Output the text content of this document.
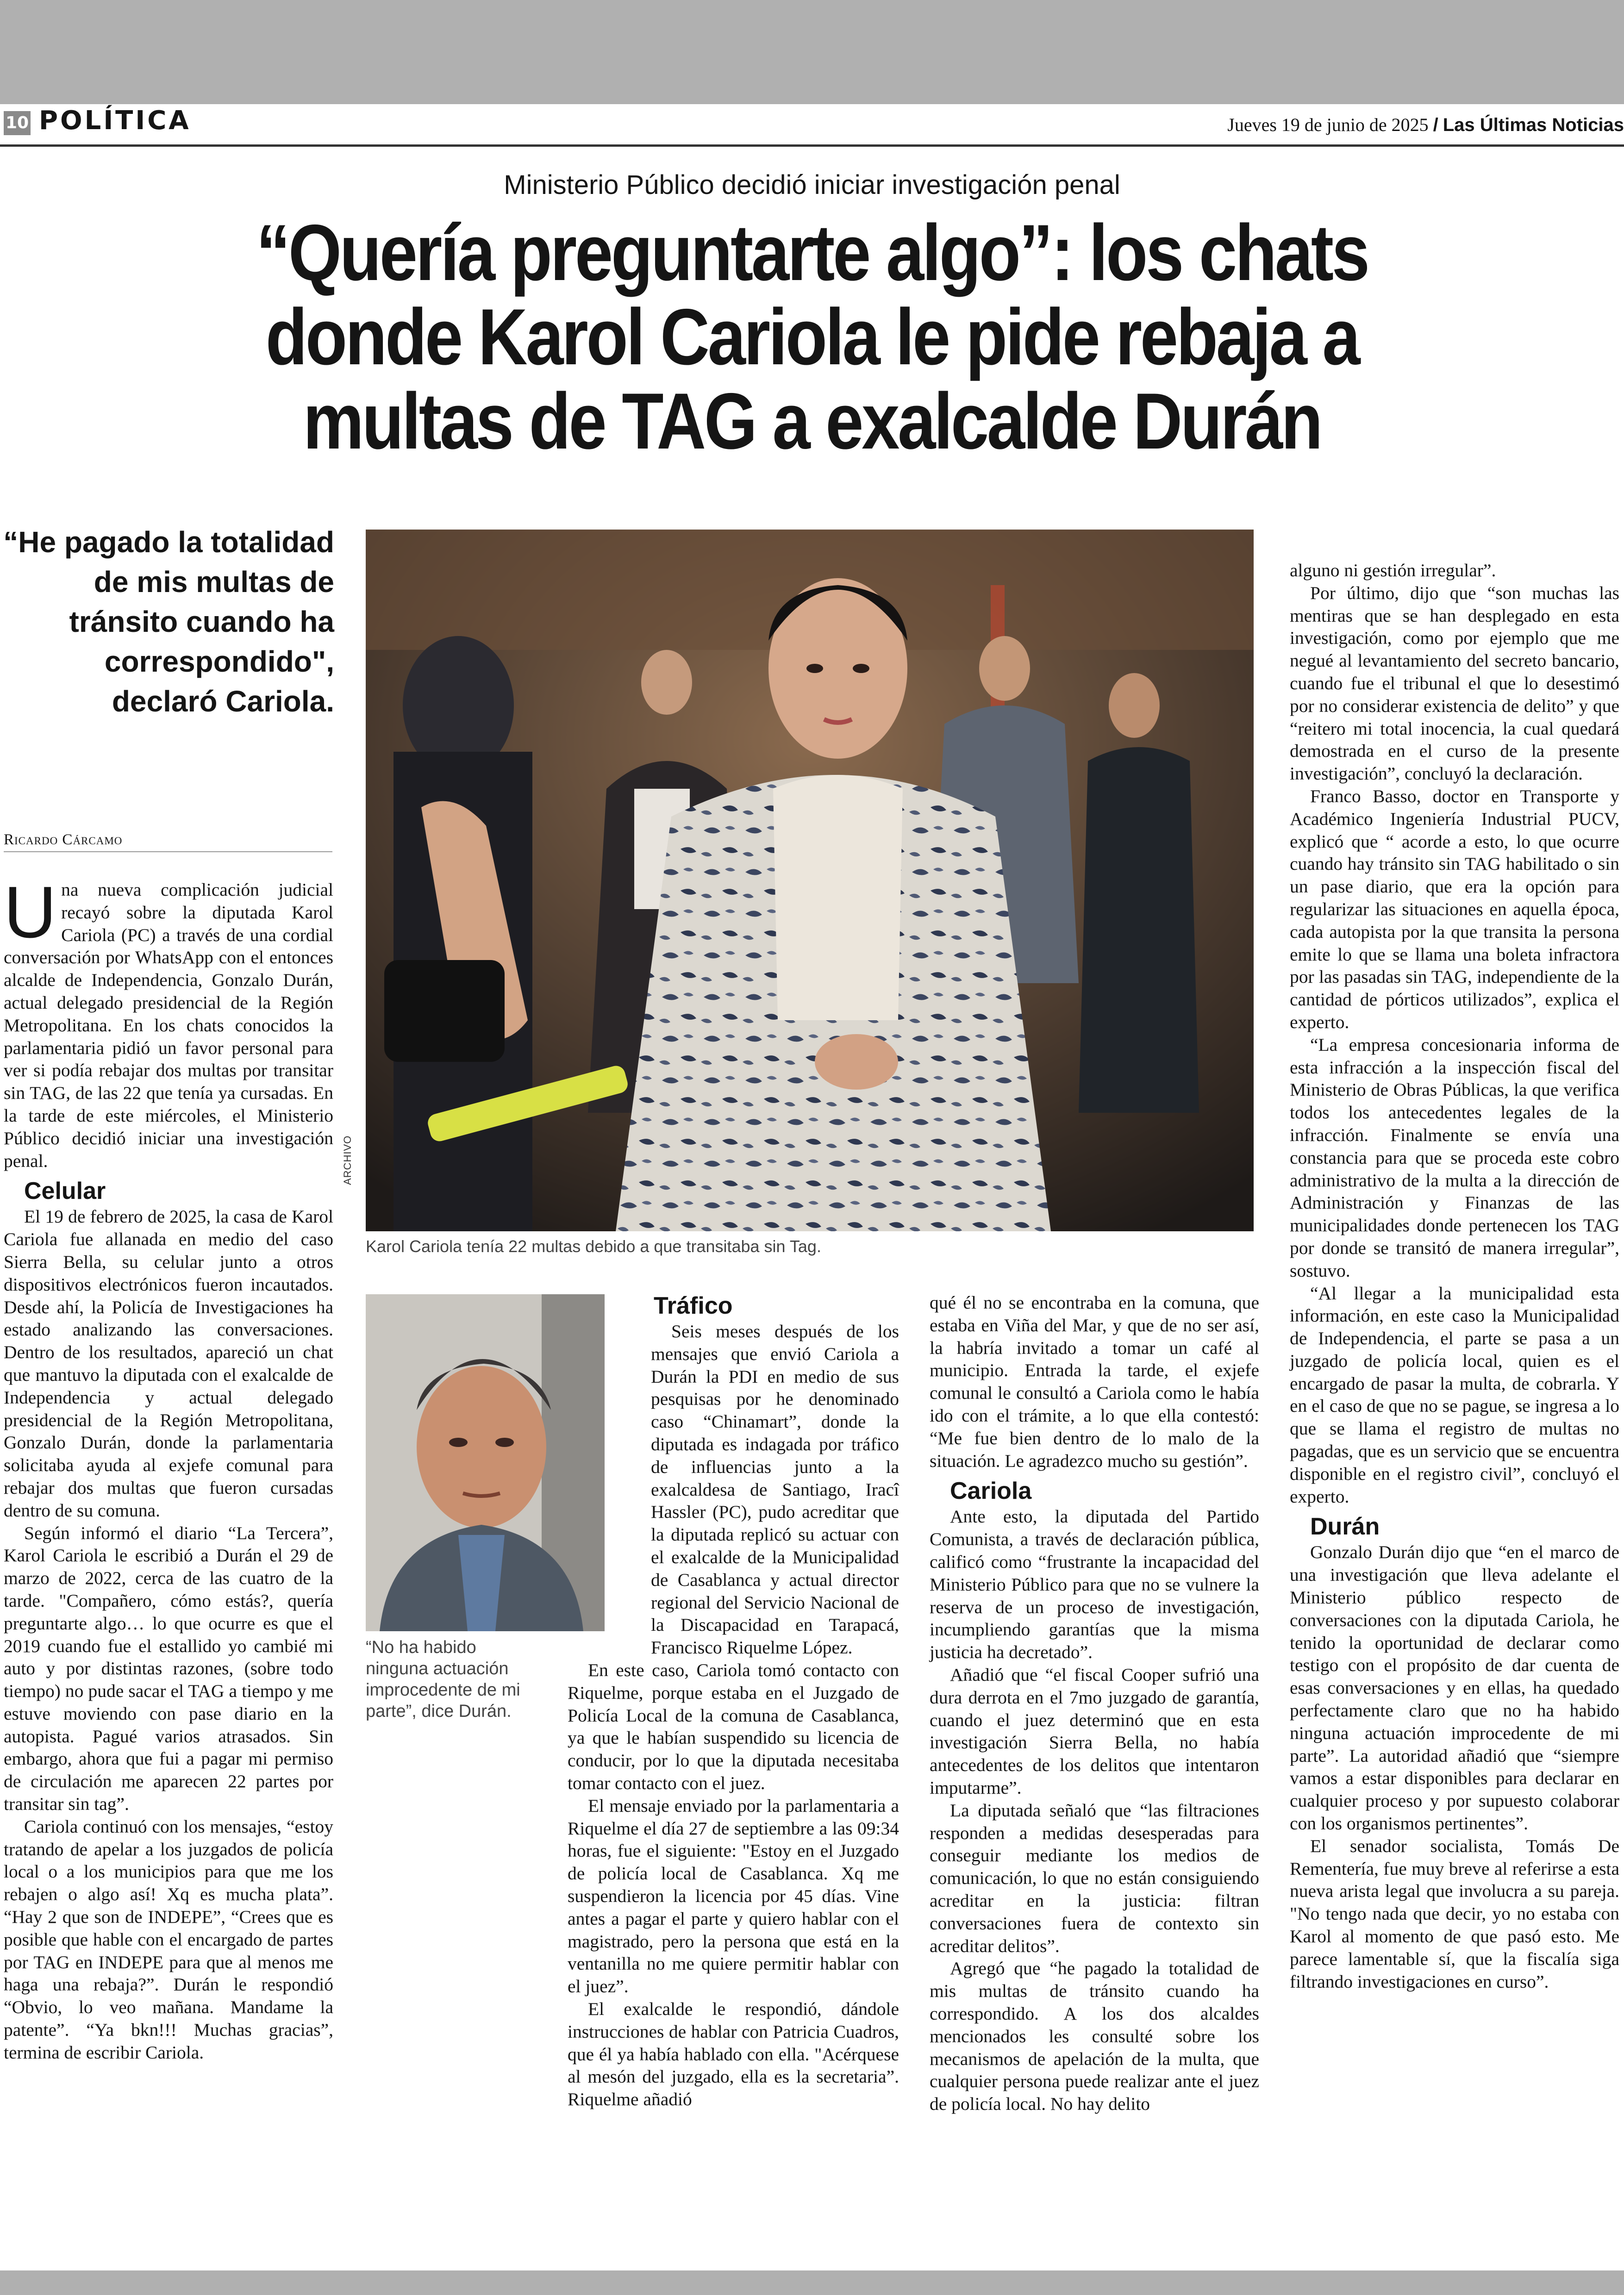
10 POLÍTICA	Jueves 19 de junio de 2025 / Las Últimas Noticias
Ministerio Público decidió iniciar investigación penal
“Quería preguntarte algo”: los chats donde Karol Cariola le pide rebaja a multas de TAG a exalcalde Durán
“He pagado la totalidad de mis multas de tránsito cuando ha correspondido", declaró Cariola.
Ricardo Cárcamo

Una nueva complicación judicial recayó sobre la diputada Karol Cariola (PC) a través de una cordial conversación por WhatsApp con el entonces alcalde de Independencia, Gonzalo Durán, actual delegado presidencial de la Región Metropolitana. En los chats conocidos la parlamentaria pidió un favor personal para ver si podía rebajar dos multas por transitar sin TAG, de las 22 que tenía ya cursadas. En la tarde de este miércoles, el Ministerio Público decidió iniciar una investigación penal.

Celular

El 19 de febrero de 2025, la casa de Karol Cariola fue allanada en medio del caso Sierra Bella, su celular junto a otros dispositivos electrónicos fueron incautados. Desde ahí, la Policía de Investigaciones ha estado analizando las conversaciones. Dentro de los resultados, apareció un chat que mantuvo la diputada con el exalcalde de Independencia y actual delegado presidencial de la Región Metropolitana, Gonzalo Durán, donde la parlamentaria solicitaba ayuda al exjefe comunal para rebajar dos multas que fueron cursadas dentro de su comuna.

Según informó el diario “La Tercera”, Karol Cariola le escribió a Durán el 29 de marzo de 2022, cerca de las cuatro de la tarde. "Compañero, cómo estás?, quería preguntarte algo… lo que ocurre es que el 2019 cuando fue el estallido yo cambié mi auto y por distintas razones, (sobre todo tiempo) no pude sacar el TAG a tiempo y me estuve moviendo con pase diario en la autopista. Pagué varios atrasados. Sin embargo, ahora que fui a pagar mi permiso de circulación me aparecen 22 partes por transitar sin tag”.

Cariola continuó con los mensajes, “estoy tratando de apelar a los juzgados de policía local o a los municipios para que me los rebajen o algo así! Xq es mucha plata”. “Hay 2 que son de INDEPE”, “Crees que es posible que hable con el encargado de partes por TAG en INDEPE para que al menos me haga una rebaja?”. Durán le respondió “Obvio, lo veo mañana. Mandame la patente”. “Ya bkn!!! Muchas gracias”, termina de escribir Cariola.

ARCHIVO
Karol Cariola tenía 22 multas debido a que transitaba sin Tag.
“No ha habido ninguna actuación improcedente de mi parte”, dice Durán.
Tráfico

Seis meses después de los mensajes que envió Cariola a Durán la PDI en medio de sus pesquisas por he denominado caso “Chinamart”, donde la diputada es indagada por tráfico de influencias junto a la exalcaldesa de Santiago, Iracî Hassler (PC), pudo acreditar que la diputada replicó su actuar con el exalcalde de la Municipalidad de Casablanca y actual director regional del Servicio Nacional de la Discapacidad en Tarapacá, Francisco Riquelme López.

En este caso, Cariola tomó contacto con Riquelme, porque estaba en el Juzgado de Policía Local de la comuna de Casablanca, ya que le habían suspendido su licencia de conducir, por lo que la diputada necesitaba tomar contacto con el juez.

El mensaje enviado por la parlamentaria a Riquelme el día 27 de septiembre a las 09:34 horas, fue el siguiente: "Estoy en el Juzgado de policía local de Casablanca. Xq me suspendieron la licencia por 45 días. Vine antes a pagar el parte y quiero hablar con el magistrado, pero la persona que está en la ventanilla no me quiere permitir hablar con el juez”.

El exalcalde le respondió, dándole instrucciones de hablar con Patricia Cuadros, que él ya había hablado con ella. "Acérquese al mesón del juzgado, ella es la secretaria”. Riquelme añadió

qué él no se encontraba en la comuna, que estaba en Viña del Mar, y que de no ser así, la habría invitado a tomar un café al municipio. Entrada la tarde, el exjefe comunal le consultó a Cariola como le había ido con el trámite, a lo que ella contestó: “Me fue bien dentro de lo malo de la situación. Le agradezco mucho su gestión”.

Cariola

Ante esto, la diputada del Partido Comunista, a través de declaración pública, calificó como “frustrante la incapacidad del Ministerio Público para que no se vulnere la reserva de un proceso de investigación, incumpliendo garantías que la misma justicia ha decretado”.

Añadió que “el fiscal Cooper sufrió una dura derrota en el 7mo juzgado de garantía, cuando el juez determinó que en esta investigación Sierra Bella, no había antecedentes de los delitos que intentaron imputarme”.

La diputada señaló que “las filtraciones responden a medidas desesperadas para conseguir mediante los medios de comunicación, lo que no están consiguiendo acreditar en la justicia: filtran conversaciones fuera de contexto sin acreditar delitos”.

Agregó que “he pagado la totalidad de mis multas de tránsito cuando ha correspondido. A los dos alcaldes mencionados les consulté sobre los mecanismos de apelación de la multa, que cualquier persona puede realizar ante el juez de policía local. No hay delito

alguno ni gestión irregular”.

Por último, dijo que “son muchas las mentiras que se han desplegado en esta investigación, como por ejemplo que me negué al levantamiento del secreto bancario, cuando fue el tribunal el que lo desestimó por no considerar existencia de delito” y que “reitero mi total inocencia, la cual quedará demostrada en el curso de la presente investigación”, concluyó la declaración.

Franco Basso, doctor en Transporte y Académico Ingeniería Industrial PUCV, explicó que “ acorde a esto, lo que ocurre cuando hay tránsito sin TAG habilitado o sin un pase diario, que era la opción para regularizar las situaciones en aquella época, cada autopista por la que transita la persona emite lo que se llama una boleta infractora por las pasadas sin TAG, independiente de la cantidad de pórticos utilizados”, explica el experto.

“La empresa concesionaria informa de esta infracción a la inspección fiscal del Ministerio de Obras Públicas, la que verifica todos los antecedentes legales de la infracción. Finalmente se envía una constancia para que se proceda este cobro administrativo de la multa a la dirección de Administración y Finanzas de las municipalidades donde pertenecen los TAG por donde se transitó de manera irregular”, sostuvo.

“Al llegar a la municipalidad esta información, en este caso la Municipalidad de Independencia, el parte se pasa a un juzgado de policía local, quien es el encargado de pasar la multa, de cobrarla. Y en el caso de que no se pague, se ingresa a lo que se llama el registro de multas no pagadas, que es un servicio que se encuentra disponible en el registro civil”, concluyó el experto.

Durán

Gonzalo Durán dijo que “en el marco de una investigación que lleva adelante el Ministerio público respecto de conversaciones con la diputada Cariola, he tenido la oportunidad de declarar como testigo con el propósito de dar cuenta de esas conversaciones y en ellas, ha quedado perfectamente claro que no ha habido ninguna actuación improcedente de mi parte”. La autoridad añadió que “siempre vamos a estar disponibles para declarar en cualquier proceso y por supuesto colaborar con los organismos pertinentes”.

El senador socialista, Tomás De Rementería, fue muy breve al referirse a esta nueva arista legal que involucra a su pareja. "No tengo nada que decir, yo no estaba con Karol al momento de que pasó esto. Me parece lamentable sí, que la fiscalía siga filtrando investigaciones en curso”.
